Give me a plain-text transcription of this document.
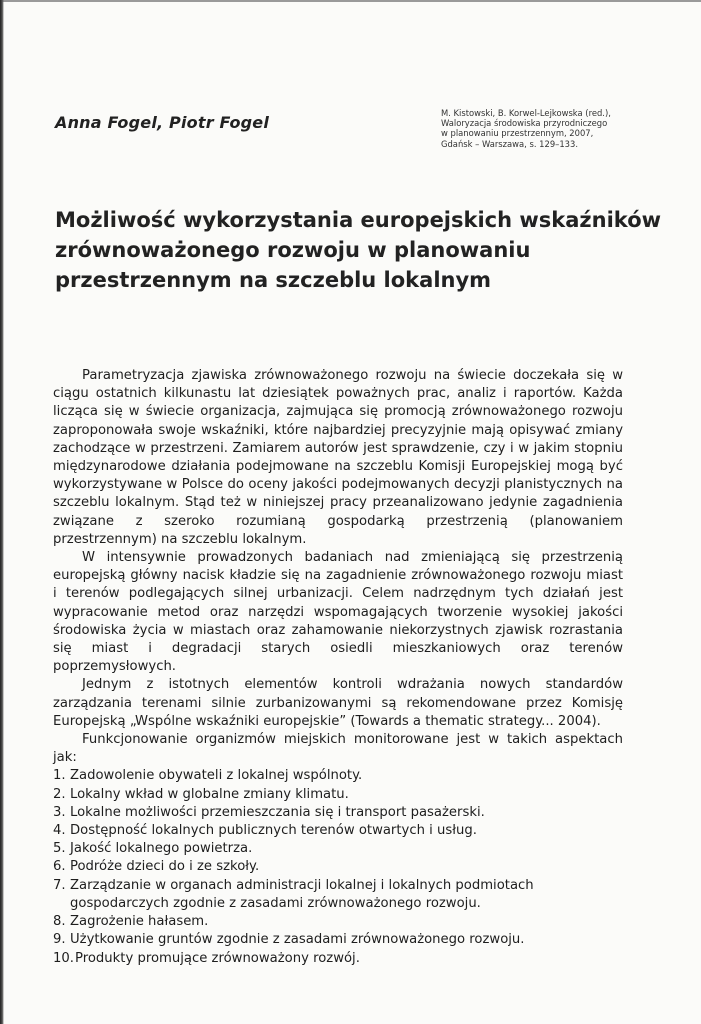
Anna Fogel, Piotr Fogel	M. Kistowski, B. Korwel-Lejkowska (red.),
Waloryzacja środowiska przyrodniczego
w planowaniu przestrzennym, 2007,
Gdańsk – Warszawa, s. 129–133.
Możliwość wykorzystania europejskich wskaźników
zrównoważonego rozwoju w planowaniu
przestrzennym na szczeblu lokalnym

Parametryzacja zjawiska zrównoważonego rozwoju na świecie doczekała się w ciągu ostatnich kilkunastu lat dziesiątek poważnych prac, analiz i raportów. Każda licząca się w świecie organizacja, zajmująca się promocją zrównoważonego rozwoju zaproponowała swoje wskaźniki, które najbardziej precyzyjnie mają opisywać zmiany zachodzące w przestrzeni. Zamiarem autorów jest sprawdzenie, czy i w jakim stopniu międzynarodowe działania podejmowane na szczeblu Komisji Europejskiej mogą być wykorzystywane w Polsce do oceny jakości podejmowanych decyzji planistycznych na szczeblu lokalnym. Stąd też w niniejszej pracy przeanalizowano jedynie zagadnienia związane z szeroko rozumianą gospodarką przestrzenią (planowaniem przestrzennym) na szczeblu lokalnym.

W intensywnie prowadzonych badaniach nad zmieniającą się przestrzenią europejską główny nacisk kładzie się na zagadnienie zrównoważonego rozwoju miast i terenów podlegających silnej urbanizacji. Celem nadrzędnym tych działań jest wypracowanie metod oraz narzędzi wspomagających tworzenie wysokiej jakości środowiska życia w miastach oraz zahamowanie niekorzystnych zjawisk rozrastania się miast i degradacji starych osiedli mieszkaniowych oraz terenów poprzemysłowych.

Jednym z istotnych elementów kontroli wdrażania nowych standardów zarządzania terenami silnie zurbanizowanymi są rekomendowane przez Komisję Europejską „Wspólne wskaźniki europejskie” (Towards a thematic strategy... 2004).

Funkcjonowanie organizmów miejskich monitorowane jest w takich aspektach jak:

1. Zadowolenie obywateli z lokalnej wspólnoty.
2. Lokalny wkład w globalne zmiany klimatu.
3. Lokalne możliwości przemieszczania się i transport pasażerski.
4. Dostępność lokalnych publicznych terenów otwartych i usług.
5. Jakość lokalnego powietrza.
6. Podróże dzieci do i ze szkoły.
7. Zarządzanie w organach administracji lokalnej i lokalnych podmiotach gospodarczych zgodnie z zasadami zrównoważonego rozwoju.
8. Zagrożenie hałasem.
9. Użytkowanie gruntów zgodnie z zasadami zrównoważonego rozwoju.
10. Produkty promujące zrównoważony rozwój.
